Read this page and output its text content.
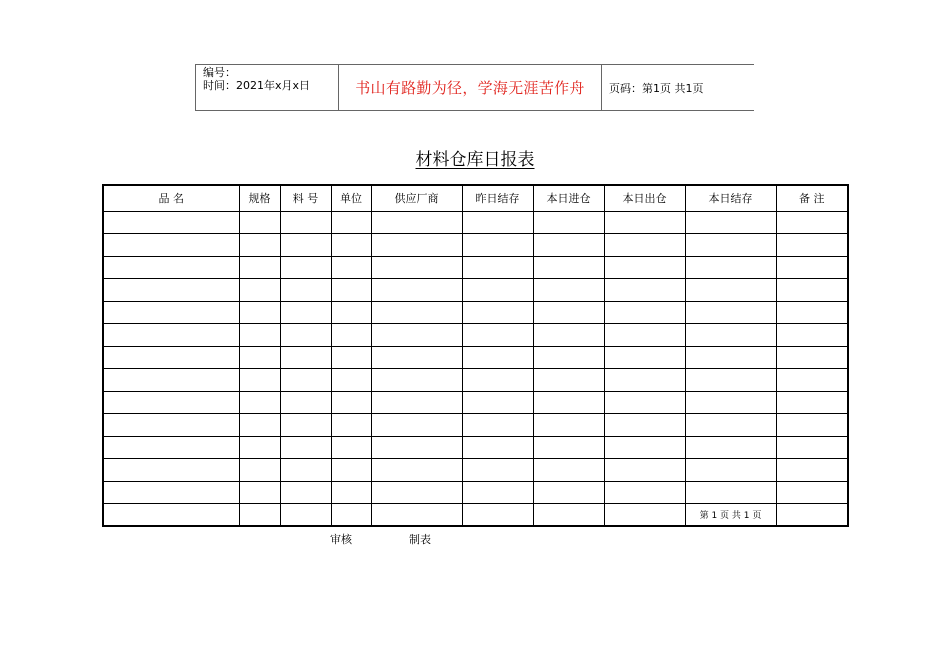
编号：
时间：2021年x月x日	书山有路勤为径，学海无涯苦作舟	页码：第1页 共1页
材料仓库日报表
品 名	规格	料 号	单位	供应厂商	昨日结存	本日进仓	本日出仓	本日结存	备 注

								第 1 页 共 1 页	
审核	制表
